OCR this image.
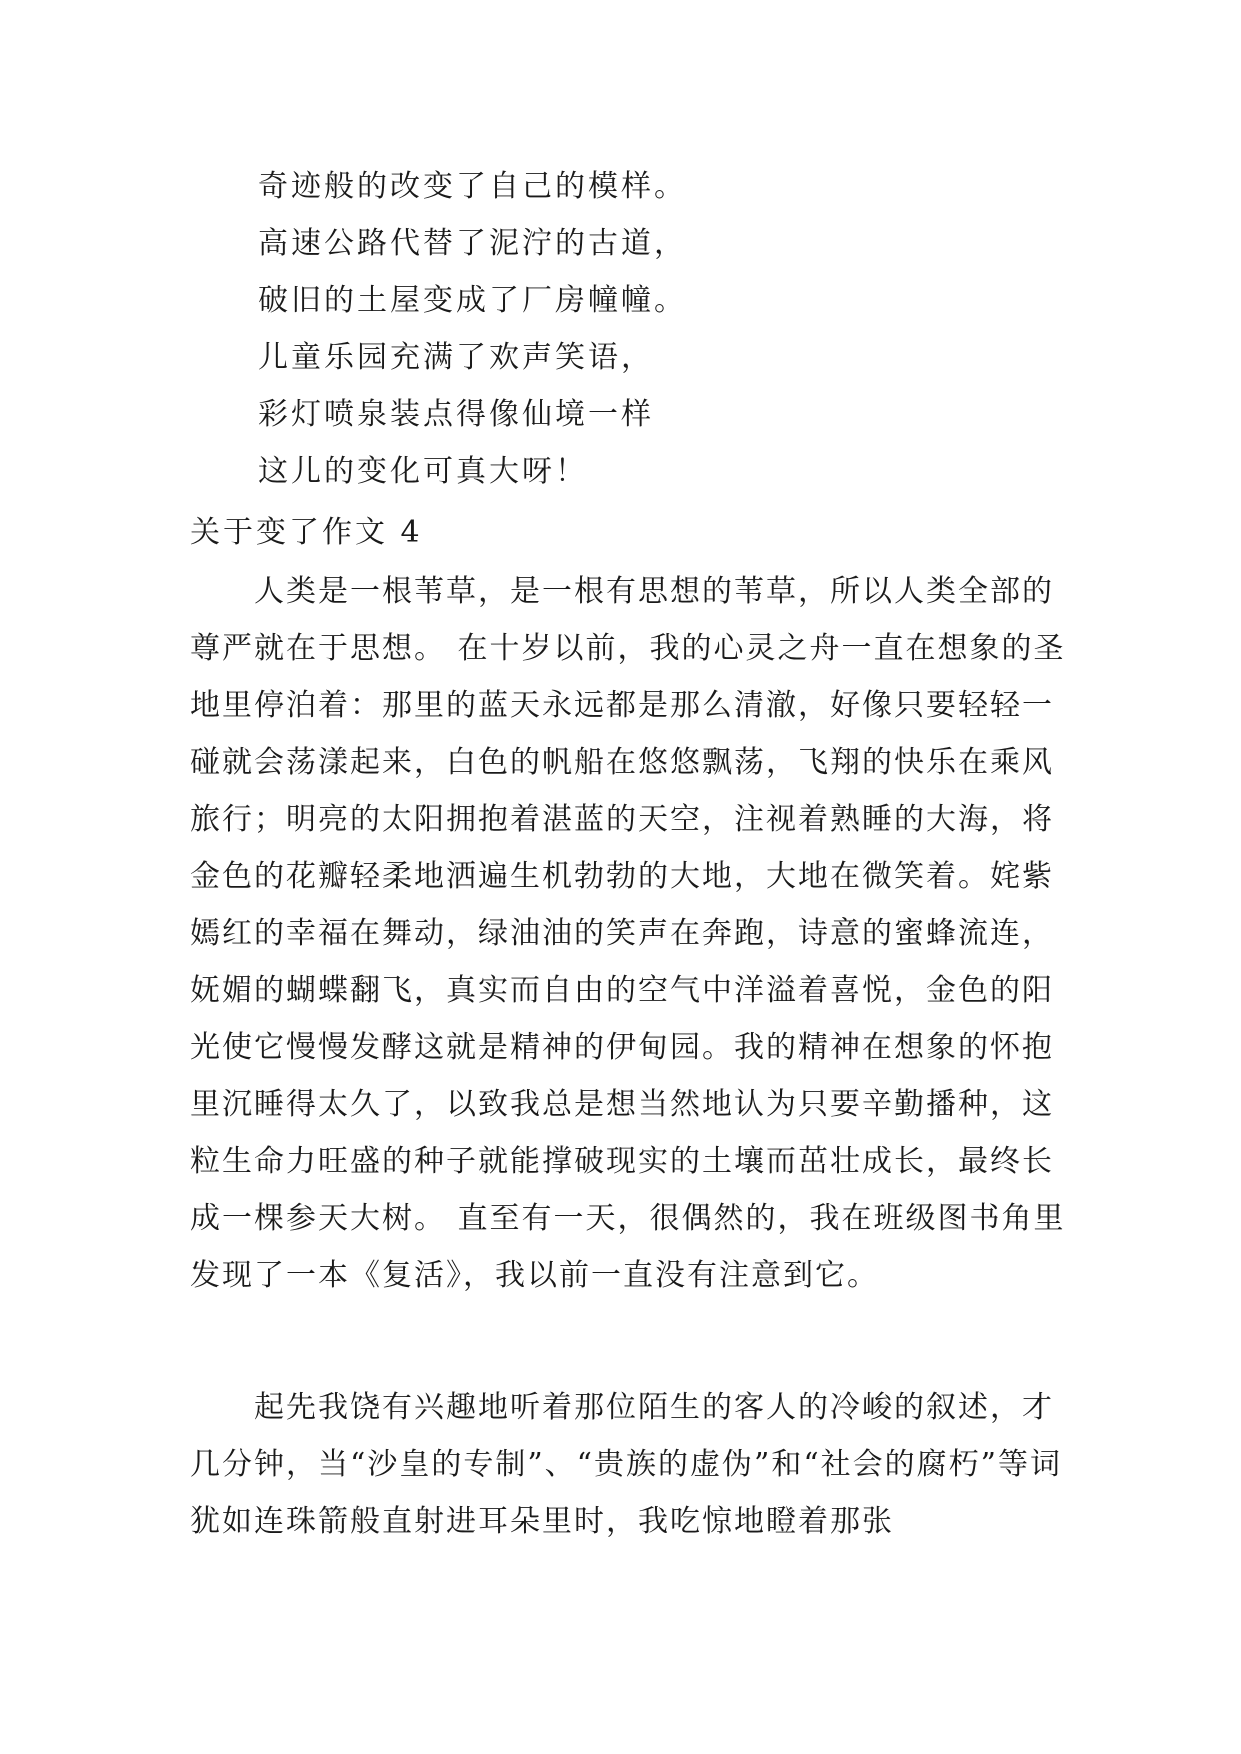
奇迹般的改变了自己的模样。
高速公路代替了泥泞的古道，
破旧的土屋变成了厂房幢幢。
儿童乐园充满了欢声笑语，
彩灯喷泉装点得像仙境一样
这儿的变化可真大呀！
关于变了作文 4

人类是一根苇草，是一根有思想的苇草，所以人类全部的尊严就在于思想。 在十岁以前，我的心灵之舟一直在想象的圣地里停泊着：那里的蓝天永远都是那么清澈，好像只要轻轻一碰就会荡漾起来，白色的帆船在悠悠飘荡，飞翔的快乐在乘风旅行；明亮的太阳拥抱着湛蓝的天空，注视着熟睡的大海，将金色的花瓣轻柔地洒遍生机勃勃的大地，大地在微笑着。姹紫嫣红的幸福在舞动，绿油油的笑声在奔跑，诗意的蜜蜂流连，妩媚的蝴蝶翻飞，真实而自由的空气中洋溢着喜悦，金色的阳光使它慢慢发酵这就是精神的伊甸园。我的精神在想象的怀抱里沉睡得太久了，以致我总是想当然地认为只要辛勤播种，这粒生命力旺盛的种子就能撑破现实的土壤而茁壮成长，最终长成一棵参天大树。 直至有一天，很偶然的，我在班级图书角里发现了一本《复活》，我以前一直没有注意到它。

起先我饶有兴趣地听着那位陌生的客人的冷峻的叙述，才几分钟，当“沙皇的专制”、“贵族的虚伪”和“社会的腐朽”等词犹如连珠箭般直射进耳朵里时，我吃惊地瞪着那张
